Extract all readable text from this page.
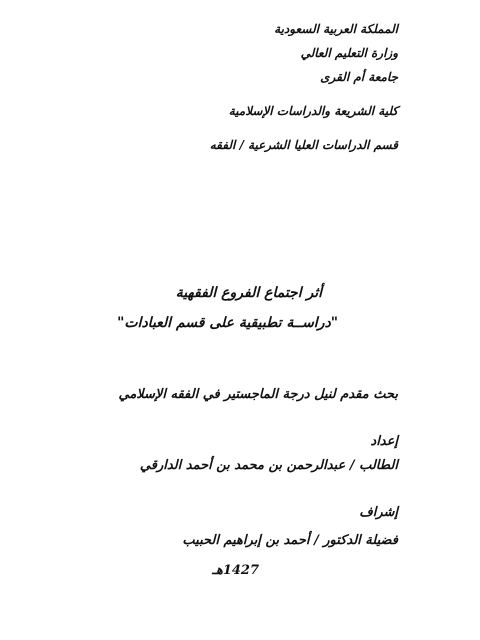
المملكة العربية السعودية
وزارة التعليم العالي
جامعة أم القرى
كلية الشريعة والدراسات الإسلامية
قسم الدراسات العليا الشرعية / الفقه
أثر اجتماع الفروع الفقهية
"دراســة تطبيقية على قسم العبادات"
بحث مقدم لنيل درجة الماجستير في الفقه الإسلامي
إعداد
الطالب / عبدالرحمن بن محمد بن أحمد الدارقي
إشراف
فضيلة الدكتور / أحمد بن إبراهيم الحبيب
1427هـ
